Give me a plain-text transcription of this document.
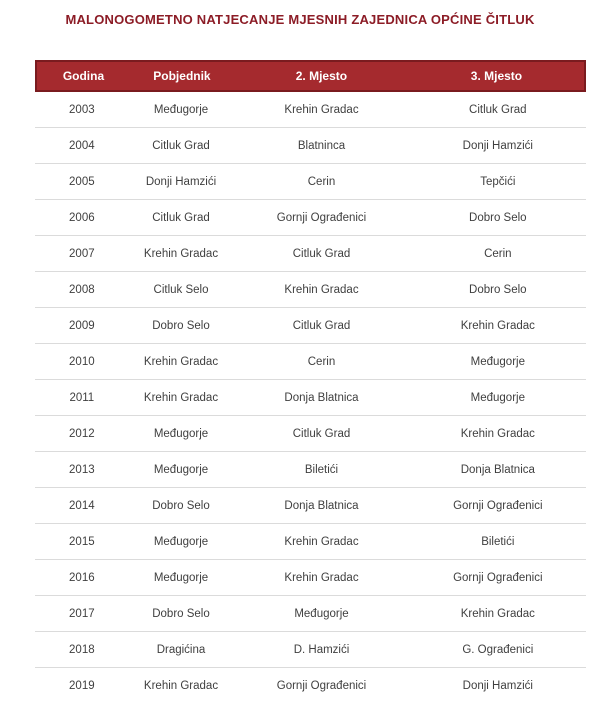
MALONOGOMETNO NATJECANJE MJESNIH ZAJEDNICA OPĆINE ČITLUK
Godina	Pobjednik	2. Mjesto	3. Mjesto
2003	Međugorje	Krehin Gradac	Čitluk Grad
2004	Čitluk Grad	Blatninca	Donji Hamzići
2005	Donji Hamzići	Čerin	Tepčići
2006	Čitluk Grad	Gornji Ograđenici	Dobro Selo
2007	Krehin Gradac	Čitluk Grad	Čerin
2008	Čitluk Selo	Krehin Gradac	Dobro Selo
2009	Dobro Selo	Čitluk Grad	Krehin Gradac
2010	Krehin Gradac	Čerin	Međugorje
2011	Krehin Gradac	Donja Blatnica	Međugorje
2012	Međugorje	Čitluk Grad	Krehin Gradac
2013	Međugorje	Biletići	Donja Blatnica
2014	Dobro Selo	Donja Blatnica	Gornji Ograđenici
2015	Međugorje	Krehin Gradac	Biletići
2016	Međugorje	Krehin Gradac	Gornji Ograđenici
2017	Dobro Selo	Međugorje	Krehin Gradac
2018	Dragićina	D. Hamzići	G. Ograđenici
2019	Krehin Gradac	Gornji Ograđenici	Donji Hamzići
